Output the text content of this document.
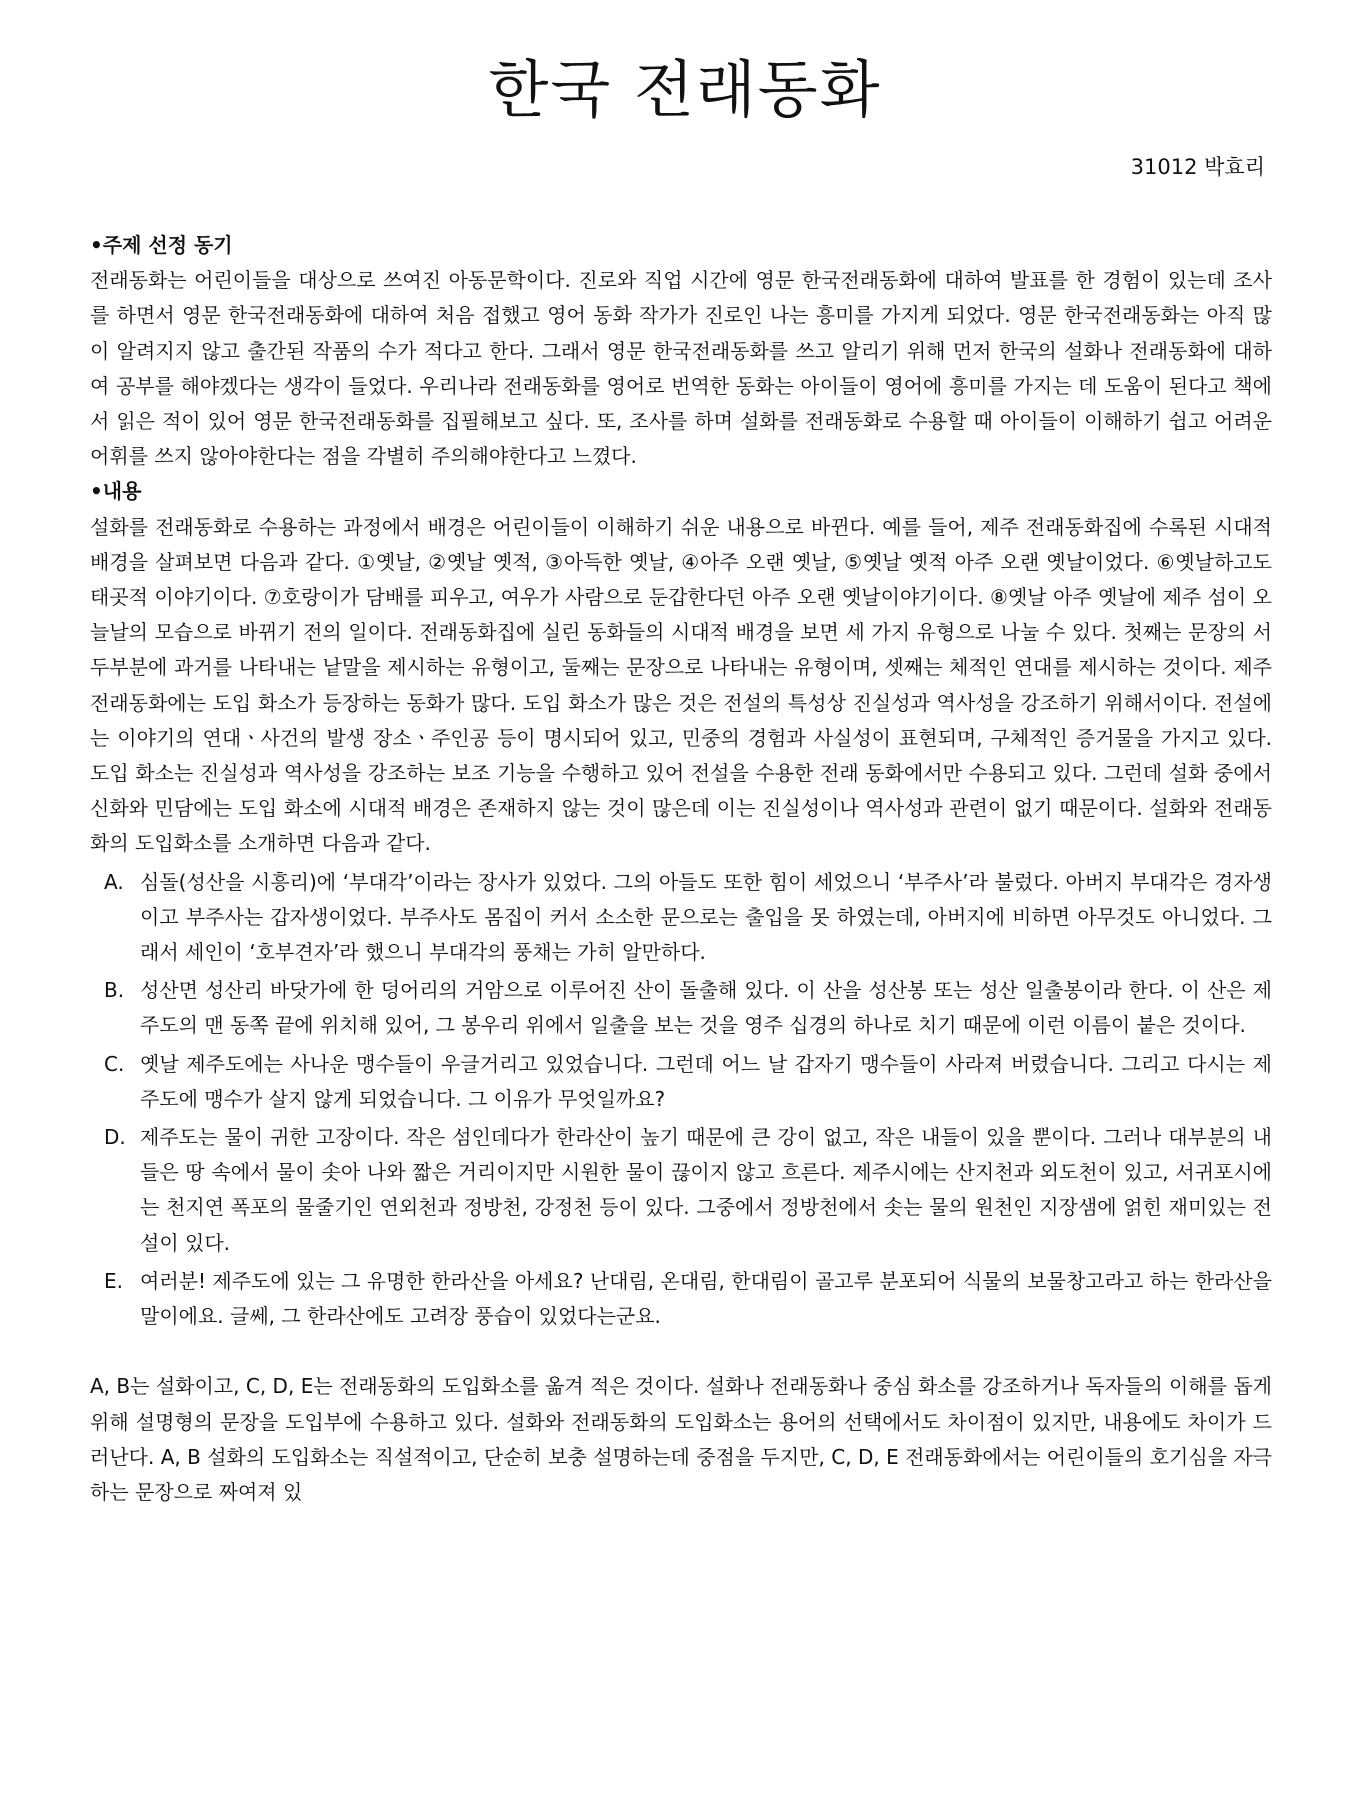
한국 전래동화
31012 박효리
•주제 선정 동기

전래동화는 어린이들을 대상으로 쓰여진 아동문학이다. 진로와 직업 시간에 영문 한국전래동화에 대하여 발표를 한 경험이 있는데 조사를 하면서 영문 한국전래동화에 대하여 처음 접했고 영어 동화 작가가 진로인 나는 흥미를 가지게 되었다. 영문 한국전래동화는 아직 많이 알려지지 않고 출간된 작품의 수가 적다고 한다. 그래서 영문 한국전래동화를 쓰고 알리기 위해 먼저 한국의 설화나 전래동화에 대하여 공부를 해야겠다는 생각이 들었다. 우리나라 전래동화를 영어로 번역한 동화는 아이들이 영어에 흥미를 가지는 데 도움이 된다고 책에서 읽은 적이 있어 영문 한국전래동화를 집필해보고 싶다. 또, 조사를 하며 설화를 전래동화로 수용할 때 아이들이 이해하기 쉽고 어려운 어휘를 쓰지 않아야한다는 점을 각별히 주의해야한다고 느꼈다.

•내용

설화를 전래동화로 수용하는 과정에서 배경은 어린이들이 이해하기 쉬운 내용으로 바뀐다. 예를 들어, 제주 전래동화집에 수록된 시대적 배경을 살펴보면 다음과 같다. ①옛날, ②옛날 옛적, ③아득한 옛날, ④아주 오랜 옛날, ⑤옛날 옛적 아주 오랜 옛날이었다. ⑥옛날하고도 태곳적 이야기이다. ⑦호랑이가 담배를 피우고, 여우가 사람으로 둔갑한다던 아주 오랜 옛날이야기이다. ⑧옛날 아주 옛날에 제주 섬이 오늘날의 모습으로 바뀌기 전의 일이다. 전래동화집에 실린 동화들의 시대적 배경을 보면 세 가지 유형으로 나눌 수 있다. 첫째는 문장의 서두부분에 과거를 나타내는 낱말을 제시하는 유형이고, 둘째는 문장으로 나타내는 유형이며, 셋째는 체적인 연대를 제시하는 것이다. 제주 전래동화에는 도입 화소가 등장하는 동화가 많다. 도입 화소가 많은 것은 전설의 특성상 진실성과 역사성을 강조하기 위해서이다. 전설에는 이야기의 연대ㆍ사건의 발생 장소ㆍ주인공 등이 명시되어 있고, 민중의 경험과 사실성이 표현되며, 구체적인 증거물을 가지고 있다. 도입 화소는 진실성과 역사성을 강조하는 보조 기능을 수행하고 있어 전설을 수용한 전래 동화에서만 수용되고 있다. 그런데 설화 중에서 신화와 민담에는 도입 화소에 시대적 배경은 존재하지 않는 것이 많은데 이는 진실성이나 역사성과 관련이 없기 때문이다. 설화와 전래동화의 도입화소를 소개하면 다음과 같다.

A. 심돌(성산을 시흥리)에 ‘부대각’이라는 장사가 있었다. 그의 아들도 또한 힘이 세었으니 ‘부주사’라 불렀다. 아버지 부대각은 경자생이고 부주사는 갑자생이었다. 부주사도 몸집이 커서 소소한 문으로는 출입을 못 하였는데, 아버지에 비하면 아무것도 아니었다. 그래서 세인이 ‘호부견자’라 했으니 부대각의 풍채는 가히 알만하다.
B. 성산면 성산리 바닷가에 한 덩어리의 거암으로 이루어진 산이 돌출해 있다. 이 산을 성산봉 또는 성산 일출봉이라 한다. 이 산은 제주도의 맨 동쪽 끝에 위치해 있어, 그 봉우리 위에서 일출을 보는 것을 영주 십경의 하나로 치기 때문에 이런 이름이 붙은 것이다.
C. 옛날 제주도에는 사나운 맹수들이 우글거리고 있었습니다. 그런데 어느 날 갑자기 맹수들이 사라져 버렸습니다. 그리고 다시는 제주도에 맹수가 살지 않게 되었습니다. 그 이유가 무엇일까요?
D. 제주도는 물이 귀한 고장이다. 작은 섬인데다가 한라산이 높기 때문에 큰 강이 없고, 작은 내들이 있을 뿐이다. 그러나 대부분의 내들은 땅 속에서 물이 솟아 나와 짧은 거리이지만 시원한 물이 끊이지 않고 흐른다. 제주시에는 산지천과 외도천이 있고, 서귀포시에는 천지연 폭포의 물줄기인 연외천과 정방천, 강정천 등이 있다. 그중에서 정방천에서 솟는 물의 원천인 지장샘에 얽힌 재미있는 전설이 있다.
E. 여러분! 제주도에 있는 그 유명한 한라산을 아세요? 난대림, 온대림, 한대림이 골고루 분포되어 식물의 보물창고라고 하는 한라산을 말이에요. 글쎄, 그 한라산에도 고려장 풍습이 있었다는군요.

A, B는 설화이고, C, D, E는 전래동화의 도입화소를 옮겨 적은 것이다. 설화나 전래동화나 중심 화소를 강조하거나 독자들의 이해를 돕게 위해 설명형의 문장을 도입부에 수용하고 있다. 설화와 전래동화의 도입화소는 용어의 선택에서도 차이점이 있지만, 내용에도 차이가 드러난다. A, B 설화의 도입화소는 직설적이고, 단순히 보충 설명하는데 중점을 두지만, C, D, E 전래동화에서는 어린이들의 호기심을 자극하는 문장으로 짜여져 있
